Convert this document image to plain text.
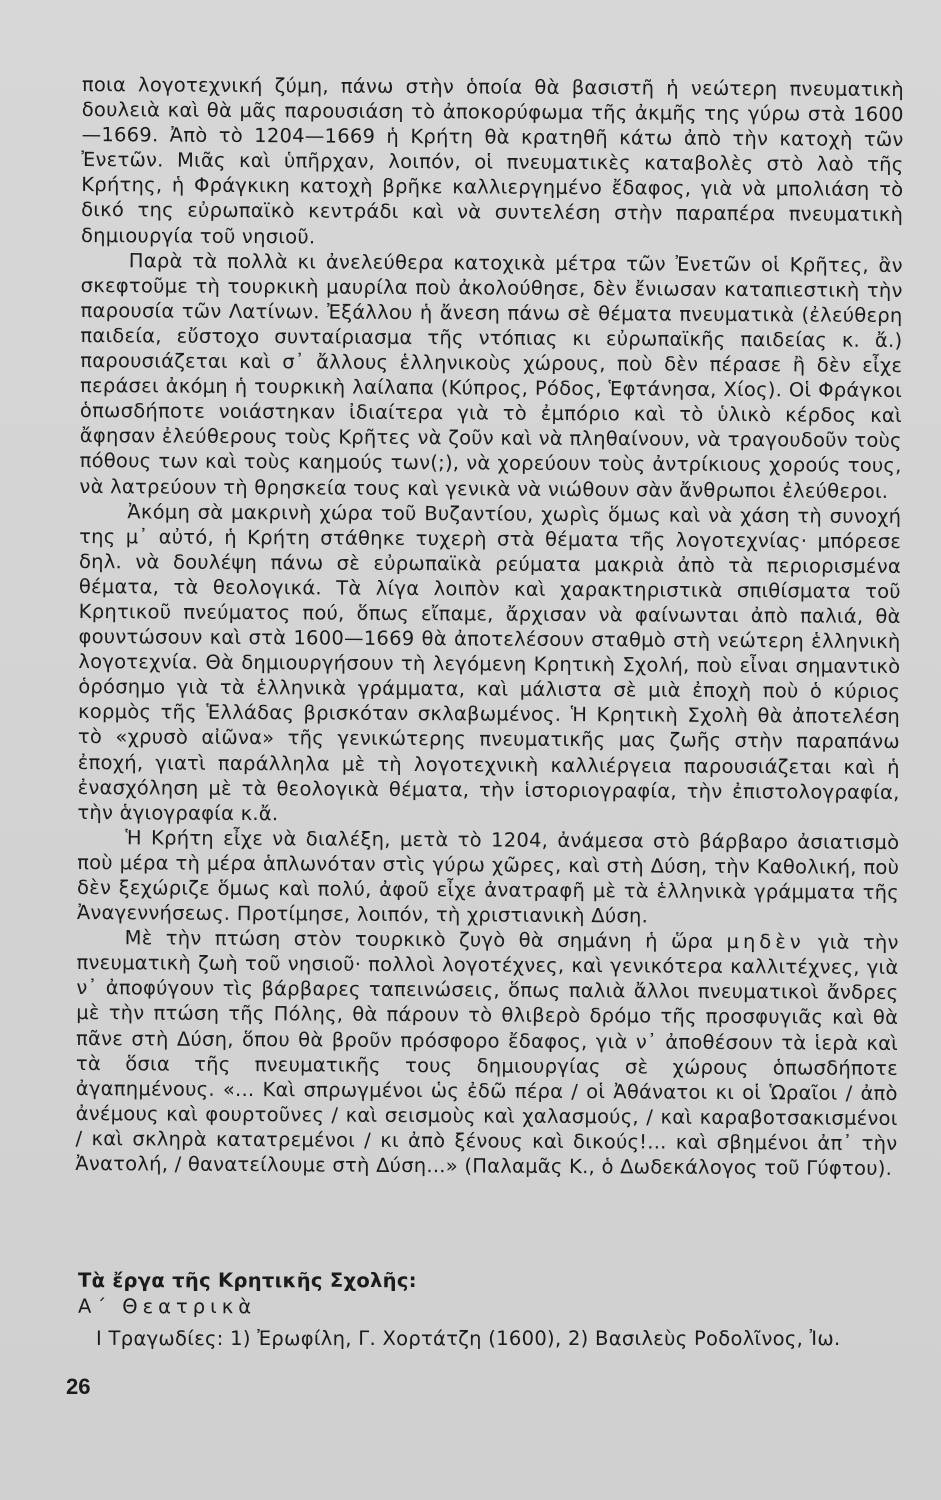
ποια λογοτεχνική ζύμη, πάνω στὴν ὁποία θὰ βασιστῆ ἡ νεώτερη πνευματικὴ δουλειὰ καὶ θὰ μᾶς παρουσιάση τὸ ἀποκορύφωμα τῆς ἀκμῆς της γύρω στὰ 1600—1669. Ἀπὸ τὸ 1204—1669 ἡ Κρήτη θὰ κρατηθῆ κάτω ἀπὸ τὴν κατοχὴ τῶν Ἐνετῶν. Μιᾶς καὶ ὑπῆρχαν, λοιπόν, οἱ πνευματικὲς καταβολὲς στὸ λαὸ τῆς Κρήτης, ἡ Φράγκικη κατοχὴ βρῆκε καλλιεργημένο ἔδαφος, γιὰ νὰ μπολιάση τὸ δικό της εὐρωπαϊκὸ κεντράδι καὶ νὰ συντελέση στὴν παραπέρα πνευματικὴ δημιουργία τοῦ νησιοῦ.

Παρὰ τὰ πολλὰ κι ἀνελεύθερα κατοχικὰ μέτρα τῶν Ἐνετῶν οἱ Κρῆτες, ἂν σκεφτοῦμε τὴ τουρκικὴ μαυρίλα ποὺ ἀκολούθησε, δὲν ἔνιωσαν καταπιεστικὴ τὴν παρουσία τῶν Λατίνων. Ἐξάλλου ἡ ἄνεση πάνω σὲ θέματα πνευματικὰ (ἐλεύθερη παιδεία, εὔστοχο συνταίριασμα τῆς ντόπιας κι εὐρωπαϊκῆς παιδείας κ. ἄ.) παρουσιάζεται καὶ σ᾽ ἄλλους ἑλληνικοὺς χώρους, ποὺ δὲν πέρασε ἢ δὲν εἶχε περάσει ἀκόμη ἡ τουρκικὴ λαίλαπα (Κύπρος, Ρόδος, Ἑφτάνησα, Χίος). Οἱ Φράγκοι ὁπωσδήποτε νοιάστηκαν ἰδιαίτερα γιὰ τὸ ἐμπόριο καὶ τὸ ὑλικὸ κέρδος καὶ ἄφησαν ἐλεύθερους τοὺς Κρῆτες νὰ ζοῦν καὶ νὰ πληθαίνουν, νὰ τραγουδοῦν τοὺς πόθους των καὶ τοὺς καημούς των(;), νὰ χορεύουν τοὺς ἀντρίκιους χορούς τους, νὰ λατρεύουν τὴ θρησκεία τους καὶ γενικὰ νὰ νιώθουν σὰν ἄνθρωποι ἐλεύθεροι.

Ἀκόμη σὰ μακρινὴ χώρα τοῦ Βυζαντίου, χωρὶς ὅμως καὶ νὰ χάση τὴ συνοχή της μ᾽ αὐτό, ἡ Κρήτη στάθηκε τυχερὴ στὰ θέματα τῆς λογοτεχνίας· μπόρεσε δηλ. νὰ δουλέψη πάνω σὲ εὐρωπαϊκὰ ρεύματα μακριὰ ἀπὸ τὰ περιορισμένα θέματα, τὰ θεολογικά. Τὰ λίγα λοιπὸν καὶ χαρακτηριστικὰ σπιθίσματα τοῦ Κρητικοῦ πνεύματος πού, ὅπως εἴπαμε, ἄρχισαν νὰ φαίνωνται ἀπὸ παλιά, θὰ φουντώσουν καὶ στὰ 1600—1669 θὰ ἀποτελέσουν σταθμὸ στὴ νεώτερη ἑλληνικὴ λογοτεχνία. Θὰ δημιουργήσουν τὴ λεγόμενη Κρητικὴ Σχολή, ποὺ εἶναι σημαντικὸ ὁρόσημο γιὰ τὰ ἑλληνικὰ γράμματα, καὶ μάλιστα σὲ μιὰ ἐποχὴ ποὺ ὁ κύριος κορμὸς τῆς Ἑλλάδας βρισκόταν σκλαβωμένος. Ἡ Κρητικὴ Σχολὴ θὰ ἀποτελέση τὸ «χρυσὸ αἰῶνα» τῆς γενικώτερης πνευματικῆς μας ζωῆς στὴν παραπάνω ἐποχή, γιατὶ παράλληλα μὲ τὴ λογοτεχνικὴ καλλιέργεια παρουσιάζεται καὶ ἡ ἐνασχόληση μὲ τὰ θεολογικὰ θέματα, τὴν ἱστοριογραφία, τὴν ἐπιστολογραφία, τὴν ἁγιογραφία κ.ἄ.

Ἡ Κρήτη εἶχε νὰ διαλέξη, μετὰ τὸ 1204, ἀνάμεσα στὸ βάρβαρο ἀσιατισμὸ ποὺ μέρα τὴ μέρα ἁπλωνόταν στὶς γύρω χῶρες, καὶ στὴ Δύση, τὴν Καθολική, ποὺ δὲν ξεχώριζε ὅμως καὶ πολύ, ἀφοῦ εἶχε ἀνατραφῆ μὲ τὰ ἑλληνικὰ γράμματα τῆς Ἀναγεννήσεως. Προτίμησε, λοιπόν, τὴ χριστιανικὴ Δύση.

Μὲ τὴν πτώση στὸν τουρκικὸ ζυγὸ θὰ σημάνη ἡ ὥρα μηδὲν γιὰ τὴν πνευματικὴ ζωὴ τοῦ νησιοῦ· πολλοὶ λογοτέχνες, καὶ γενικότερα καλλιτέχνες, γιὰ ν᾽ ἀποφύγουν τὶς βάρβαρες ταπεινώσεις, ὅπως παλιὰ ἄλλοι πνευματικοὶ ἄνδρες μὲ τὴν πτώση τῆς Πόλης, θὰ πάρουν τὸ θλιβερὸ δρόμο τῆς προσφυγιᾶς καὶ θὰ πᾶνε στὴ Δύση, ὅπου θὰ βροῦν πρόσφορο ἔδαφος, γιὰ ν᾽ ἀποθέσουν τὰ ἱερὰ καὶ τὰ ὅσια τῆς πνευματικῆς τους δημιουργίας σὲ χώρους ὁπωσδήποτε ἀγαπημένους. «... Καὶ σπρωγμένοι ὡς ἐδῶ πέρα / οἱ Ἀθάνατοι κι οἱ Ὡραῖοι / ἀπὸ ἀνέμους καὶ φουρτοῦνες / καὶ σεισμοὺς καὶ χαλασμούς, / καὶ καραβοτσακισμένοι / καὶ σκληρὰ κατατρεμένοι / κι ἀπὸ ξένους καὶ δικούς!... καὶ σβημένοι ἀπ᾽ τὴν Ἀνατολή, / θανατείλουμε στὴ Δύση...» (Παλαμᾶς Κ., ὁ Δωδεκάλογος τοῦ Γύφτου).

Τὰ ἔργα τῆς Κρητικῆς Σχολῆς:

Α΄ Θεατρικὰ

I Τραγωδίες: 1) Ἐρωφίλη, Γ. Χορτάτζη (1600), 2) Βασιλεὺς Ροδολῖνος, Ἰω.

26
